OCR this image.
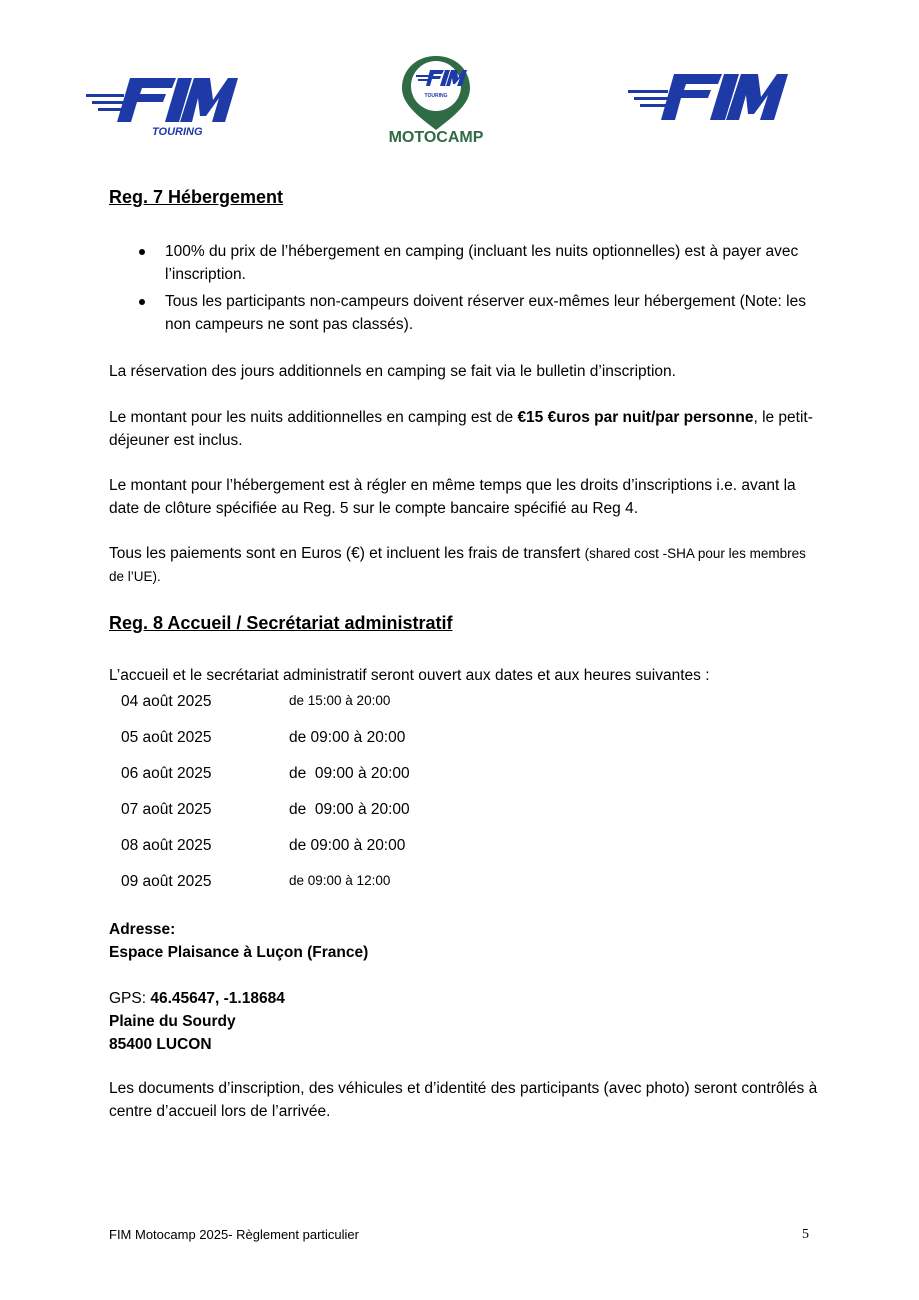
TOURING
TOURING
MOTOCAMP
Reg. 7 Hébergement
100% du prix de l’hébergement en camping (incluant les nuits optionnelles) est à payer avec l’inscription.
Tous les participants non-campeurs doivent réserver eux-mêmes leur hébergement (Note: les non campeurs ne sont pas classés).
La réservation des jours additionnels en camping se fait via le bulletin d’inscription.
Le montant pour les nuits additionnelles en camping est de €15 €uros par nuit/par personne, le petit-déjeuner est inclus.
Le montant pour l’hébergement est à régler en même temps que les droits d’inscriptions i.e. avant la date de clôture spécifiée au Reg. 5 sur le compte bancaire spécifié au Reg 4.
Tous les paiements sont en Euros (€) et incluent les frais de transfert (shared cost -SHA pour les membres de l’UE).
Reg. 8 Accueil / Secrétariat administratif
L’accueil et le secrétariat administratif seront ouvert aux dates et aux heures suivantes :
04 août 2025	de 15:00 à 20:00
05 août 2025	de 09:00 à 20:00
06 août 2025	de  09:00 à 20:00
07 août 2025	de  09:00 à 20:00
08 août 2025	de 09:00 à 20:00
09 août 2025	de 09:00 à 12:00
Adresse:
Espace Plaisance à Luçon (France)
GPS: 46.45647, -1.18684
Plaine du Sourdy
85400 LUCON
Les documents d’inscription, des véhicules et d’identité des participants (avec photo) seront contrôlés à centre d’accueil lors de l’arrivée.
FIM Motocamp 2025- Règlement particulier	5
